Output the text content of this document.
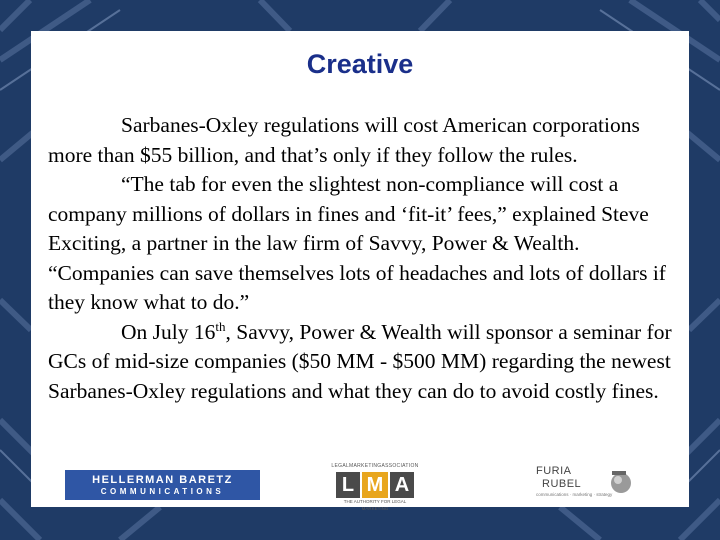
Creative

Sarbanes-Oxley regulations will cost American corporations more than $55 billion, and that’s only if they follow the rules.

“The tab for even the slightest non-compliance will cost a company millions of dollars in fines and ‘fit-it’ fees,” explained Steve Exciting, a partner in the law firm of Savvy, Power & Wealth. “Companies can save themselves lots of headaches and lots of dollars if they know what to do.”

On July 16th, Savvy, Power & Wealth will sponsor a seminar for GCs of mid-size companies ($50 MM - $500 MM) regarding the newest Sarbanes-Oxley regulations and what they can do to avoid costly fines.

HELLERMAN BARETZ
COMMUNICATIONS
LEGALMARKETINGASSOCIATION
L M A
THE AUTHORITY FOR LEGAL MARKETING
FURIA
RUBEL
communications · marketing · strategy
